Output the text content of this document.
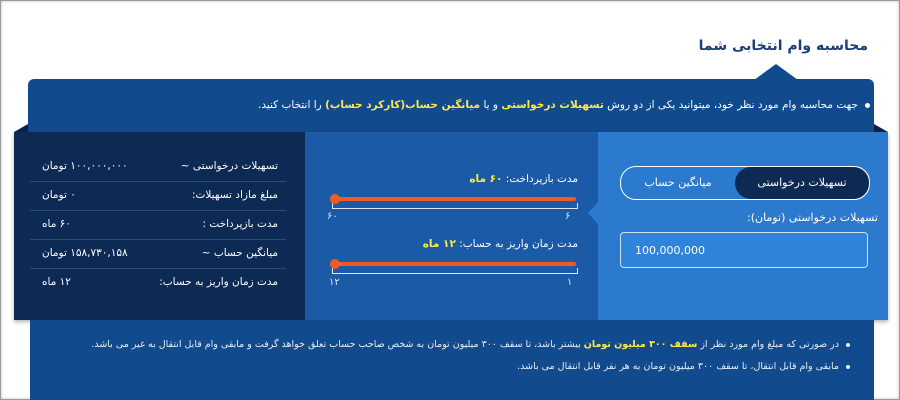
محاسبه وام انتخابی شما
جهت محاسبه وام مورد نظر خود، میتوانید یکی از دو روش تسهیلات درخواستی و یا میانگین حساب(کارکرد حساب) را انتخاب کنید.
تسهیلات درخواستی ~
۱۰۰,۰۰۰,۰۰۰ تومان
مبلغ مازاد تسهیلات:
۰ تومان
مدت بازپرداخت :
۶۰ ماه
میانگین حساب ~
۱۵۸,۷۳۰,۱۵۸ تومان
مدت زمان واریز به حساب:
۱۲ ماه
مدت بازپرداخت: ۶۰ ماه
۶
۶۰
مدت زمان واریز به حساب: ۱۲ ماه
۱
۱۲
میانگین حساب	تسهیلات درخواستی
تسهیلات درخواستی (تومان):
100,000,000
در صورتی که مبلغ وام مورد نظر از سقف ۳۰۰ میلیون تومان بیشتر باشد، تا سقف ۳۰۰ میلیون تومان به شخص صاحب حساب تعلق خواهد گرفت و مابقی وام قابل انتقال به غیر می باشد.
مابقی وام قابل انتقال، تا سقف ۳۰۰ میلیون تومان به هر نفر قابل انتقال می باشد.
